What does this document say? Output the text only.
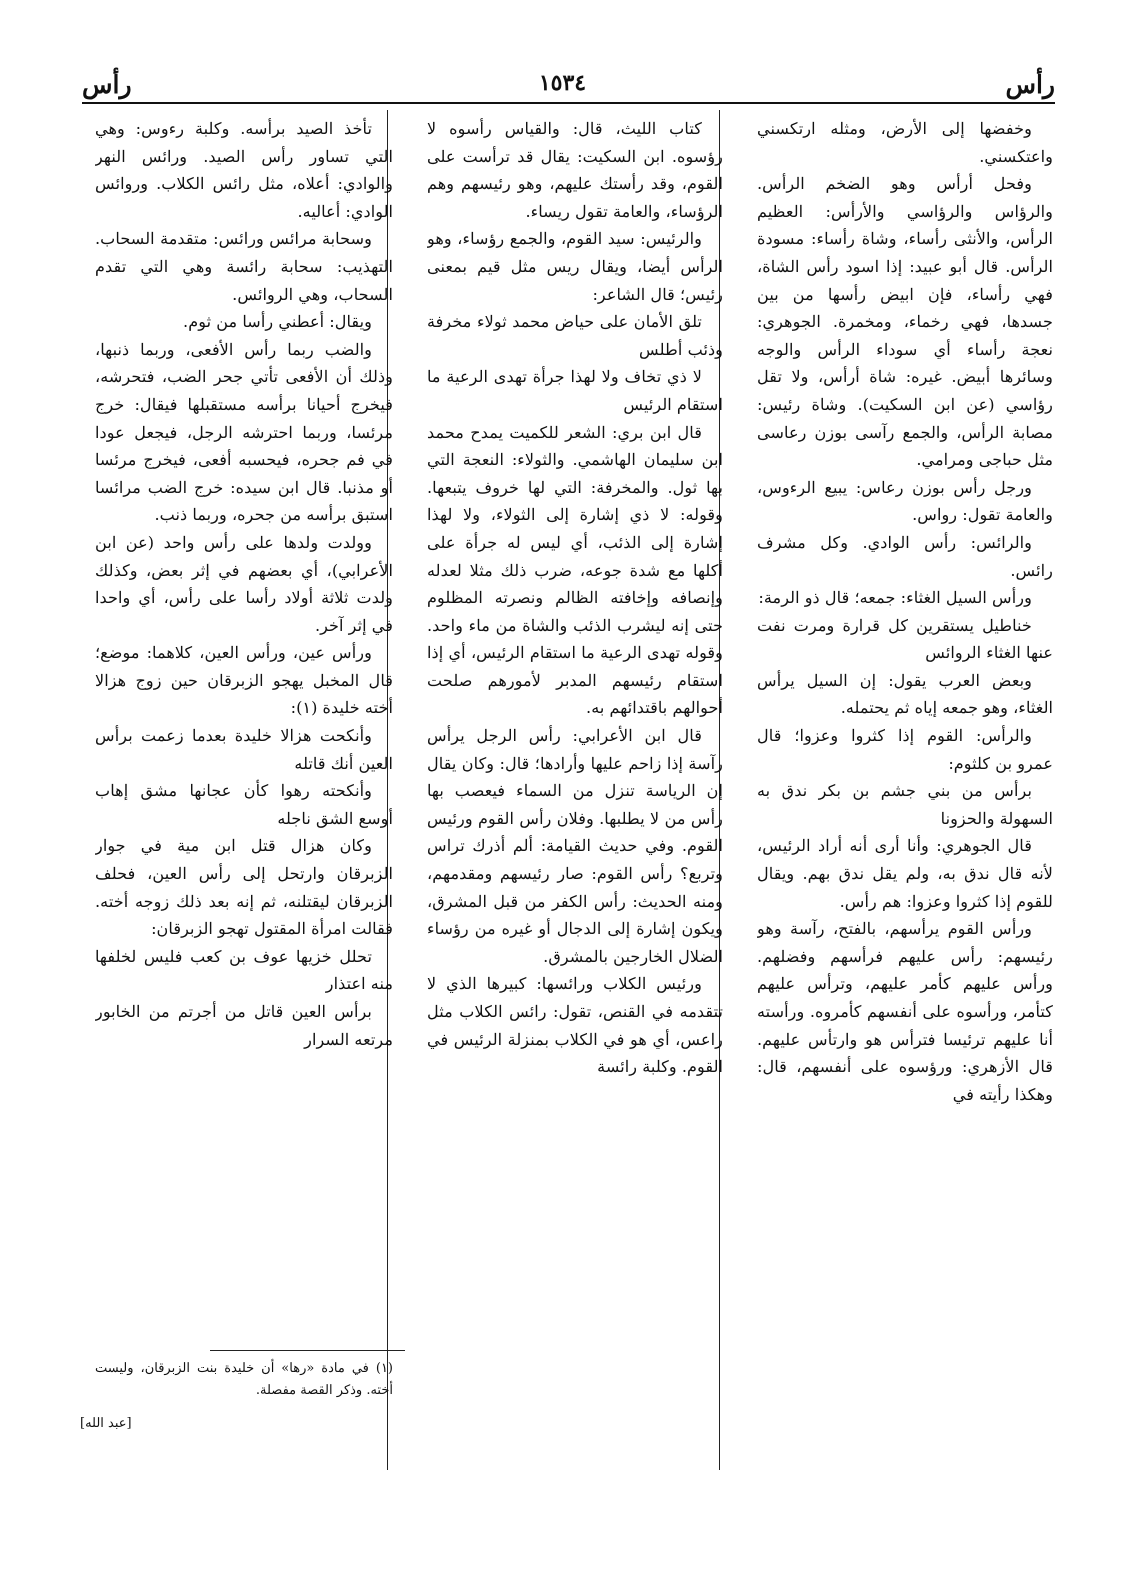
رأس
١٥٣٤
رأس

وخفضها إلى الأرض، ومثله ارتكسني واعتكسني.

وفحل أرأس وهو الضخم الرأس. والرؤاس والرؤاسي والأرأس: العظيم الرأس، والأنثى رأساء، وشاة رأساء: مسودة الرأس. قال أبو عبيد: إذا اسود رأس الشاة، فهي رأساء، فإن ابيض رأسها من بين جسدها، فهي رخماء، ومخمرة. الجوهري: نعجة رأساء أي سوداء الرأس والوجه وسائرها أبيض. غيره: شاة أرأس، ولا تقل رؤاسي (عن ابن السكيت). وشاة رئيس: مصابة الرأس، والجمع رآسى بوزن رعاسى مثل حباجى ومرامي.

ورجل رأس بوزن رعاس: يبيع الرءوس، والعامة تقول: رواس.

والرائس: رأس الوادي. وكل مشرف رائس.

ورأس السيل الغثاء: جمعه؛ قال ذو الرمة:

خناطيل يستقرين كل قرارة ومرت نفت عنها الغثاء الروائس

وبعض العرب يقول: إن السيل يرأس الغثاء، وهو جمعه إياه ثم يحتمله.

والرأس: القوم إذا كثروا وعزوا؛ قال عمرو بن كلثوم:

برأس من بني جشم بن بكر ندق به السهولة والحزونا

قال الجوهري: وأنا أرى أنه أراد الرئيس، لأنه قال ندق به، ولم يقل ندق بهم. ويقال للقوم إذا كثروا وعزوا: هم رأس.

ورأس القوم يرأسهم، بالفتح، رآسة وهو رئيسهم: رأس عليهم فرأسهم وفضلهم. ورأس عليهم كأمر عليهم، وترأس عليهم كتأمر، ورأسوه على أنفسهم كأمروه. ورأسته أنا عليهم ترئيسا فترأس هو وارتأس عليهم. قال الأزهري: ورؤسوه على أنفسهم، قال: وهكذا رأيته في

كتاب الليث، قال: والقياس رأسوه لا رؤسوه. ابن السكيت: يقال قد ترأست على القوم، وقد رأستك عليهم، وهو رئيسهم وهم الرؤساء، والعامة تقول ريساء.

والرئيس: سيد القوم، والجمع رؤساء، وهو الرأس أيضا، ويقال ريس مثل قيم بمعنى رئيس؛ قال الشاعر:

تلق الأمان على حياض محمد ثولاء مخرفة وذئب أطلس

لا ذي تخاف ولا لهذا جرأة تهدى الرعية ما استقام الرئيس

قال ابن بري: الشعر للكميت يمدح محمد ابن سليمان الهاشمي. والثولاء: النعجة التي بها ثول. والمخرفة: التي لها خروف يتبعها. وقوله: لا ذي إشارة إلى الثولاء، ولا لهذا إشارة إلى الذئب، أي ليس له جرأة على أكلها مع شدة جوعه، ضرب ذلك مثلا لعدله وإنصافه وإخافته الظالم ونصرته المظلوم حتى إنه ليشرب الذئب والشاة من ماء واحد. وقوله تهدى الرعية ما استقام الرئيس، أي إذا استقام رئيسهم المدبر لأمورهم صلحت أحوالهم باقتدائهم به.

قال ابن الأعرابي: رأس الرجل يرأس رآسة إذا زاحم عليها وأرادها؛ قال: وكان يقال إن الرياسة تنزل من السماء فيعصب بها رأس من لا يطلبها. وفلان رأس القوم ورئيس القوم. وفي حديث القيامة: ألم أذرك تراس وتربع؟ رأس القوم: صار رئيسهم ومقدمهم، ومنه الحديث: رأس الكفر من قبل المشرق، ويكون إشارة إلى الدجال أو غيره من رؤساء الضلال الخارجين بالمشرق.

ورئيس الكلاب ورائسها: كبيرها الذي لا تتقدمه في القنص، تقول: رائس الكلاب مثل راعس، أي هو في الكلاب بمنزلة الرئيس في القوم. وكلبة رائسة

تأخذ الصيد برأسه. وكلبة رءوس: وهي التي تساور رأس الصيد. ورائس النهر والوادي: أعلاه، مثل رائس الكلاب. وروائس الوادي: أعاليه.

وسحابة مرائس ورائس: متقدمة السحاب. التهذيب: سحابة رائسة وهي التي تقدم السحاب، وهي الروائس.

ويقال: أعطني رأسا من ثوم.

والضب ربما رأس الأفعى، وربما ذنبها، وذلك أن الأفعى تأتي جحر الضب، فتحرشه، فيخرج أحيانا برأسه مستقبلها فيقال: خرج مرئسا، وربما احترشه الرجل، فيجعل عودا في فم جحره، فيحسبه أفعى، فيخرج مرئسا أو مذنبا. قال ابن سيده: خرج الضب مرائسا استبق برأسه من جحره، وربما ذنب.

وولدت ولدها على رأس واحد (عن ابن الأعرابي)، أي بعضهم في إثر بعض، وكذلك ولدت ثلاثة أولاد رأسا على رأس، أي واحدا في إثر آخر.

ورأس عين، ورأس العين، كلاهما: موضع؛ قال المخبل يهجو الزبرقان حين زوج هزالا أخته خليدة (١):

وأنكحت هزالا خليدة بعدما زعمت برأس العين أنك قاتله

وأنكحته رهوا كأن عجانها مشق إهاب أوسع الشق ناجله

وكان هزال قتل ابن مية في جوار الزبرقان وارتحل إلى رأس العين، فحلف الزبرقان ليقتلنه، ثم إنه بعد ذلك زوجه أخته. فقالت امرأة المقتول تهجو الزبرقان:

تحلل خزيها عوف بن كعب فليس لخلفها منه اعتذار

برأس العين قاتل من أجرتم من الخابور مرتعه السرار

(١) في مادة «رها» أن خليدة بنت الزبرقان، وليست أخته. وذكر القصة مفصلة.
[عبد الله]
